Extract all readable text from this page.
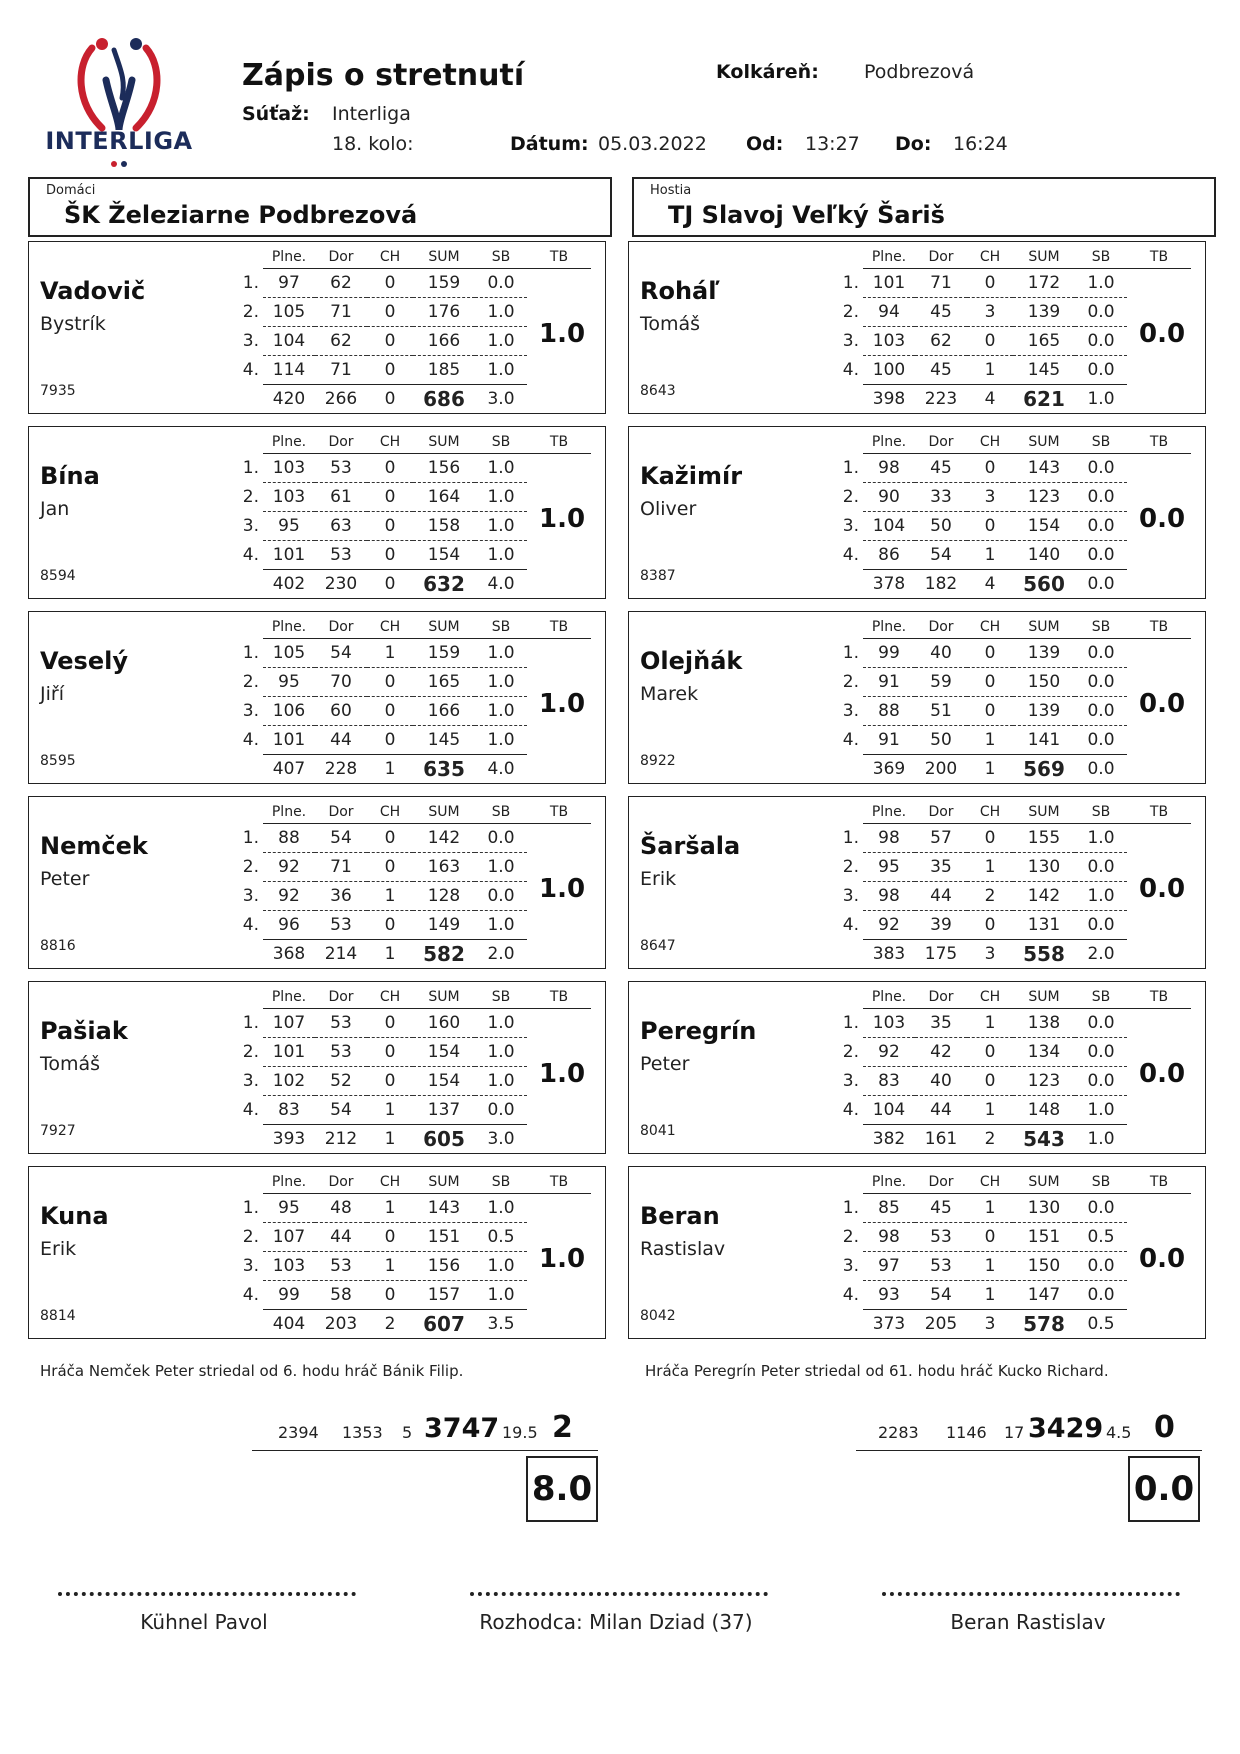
INTERLIGA
Zápis o stretnutí	Kolkáreň: Podbrezová
Súťaž: Interliga
18. kolo:	Dátum: 05.03.2022 Od: 13:27 Do: 16:24
Domáci
ŠK Železiarne Podbrezová
Hostia
TJ Slavoj Veľký Šariš
Vadovič
Bystrík
7935
1.0
	Plne.	Dor	CH	SUM	SB	TB
1.	97	62	0	159	0.0	
2.	105	71	0	176	1.0	
3.	104	62	0	166	1.0	
4.	114	71	0	185	1.0	
	420	266	0	686	3.0	
Bína
Jan
8594
1.0
	Plne.	Dor	CH	SUM	SB	TB
1.	103	53	0	156	1.0	
2.	103	61	0	164	1.0	
3.	95	63	0	158	1.0	
4.	101	53	0	154	1.0	
	402	230	0	632	4.0	
Veselý
Jiří
8595
1.0
	Plne.	Dor	CH	SUM	SB	TB
1.	105	54	1	159	1.0	
2.	95	70	0	165	1.0	
3.	106	60	0	166	1.0	
4.	101	44	0	145	1.0	
	407	228	1	635	4.0	
Nemček
Peter
8816
1.0
	Plne.	Dor	CH	SUM	SB	TB
1.	88	54	0	142	0.0	
2.	92	71	0	163	1.0	
3.	92	36	1	128	0.0	
4.	96	53	0	149	1.0	
	368	214	1	582	2.0	
Pašiak
Tomáš
7927
1.0
	Plne.	Dor	CH	SUM	SB	TB
1.	107	53	0	160	1.0	
2.	101	53	0	154	1.0	
3.	102	52	0	154	1.0	
4.	83	54	1	137	0.0	
	393	212	1	605	3.0	
Kuna
Erik
8814
1.0
	Plne.	Dor	CH	SUM	SB	TB
1.	95	48	1	143	1.0	
2.	107	44	0	151	0.5	
3.	103	53	1	156	1.0	
4.	99	58	0	157	1.0	
	404	203	2	607	3.5	
Roháľ
Tomáš
8643
0.0
	Plne.	Dor	CH	SUM	SB	TB
1.	101	71	0	172	1.0	
2.	94	45	3	139	0.0	
3.	103	62	0	165	0.0	
4.	100	45	1	145	0.0	
	398	223	4	621	1.0	
Kažimír
Oliver
8387
0.0
	Plne.	Dor	CH	SUM	SB	TB
1.	98	45	0	143	0.0	
2.	90	33	3	123	0.0	
3.	104	50	0	154	0.0	
4.	86	54	1	140	0.0	
	378	182	4	560	0.0	
Olejňák
Marek
8922
0.0
	Plne.	Dor	CH	SUM	SB	TB
1.	99	40	0	139	0.0	
2.	91	59	0	150	0.0	
3.	88	51	0	139	0.0	
4.	91	50	1	141	0.0	
	369	200	1	569	0.0	
Šaršala
Erik
8647
0.0
	Plne.	Dor	CH	SUM	SB	TB
1.	98	57	0	155	1.0	
2.	95	35	1	130	0.0	
3.	98	44	2	142	1.0	
4.	92	39	0	131	0.0	
	383	175	3	558	2.0	
Peregrín
Peter
8041
0.0
	Plne.	Dor	CH	SUM	SB	TB
1.	103	35	1	138	0.0	
2.	92	42	0	134	0.0	
3.	83	40	0	123	0.0	
4.	104	44	1	148	1.0	
	382	161	2	543	1.0	
Beran
Rastislav
8042
0.0
	Plne.	Dor	CH	SUM	SB	TB
1.	85	45	1	130	0.0	
2.	98	53	0	151	0.5	
3.	97	53	1	150	0.0	
4.	93	54	1	147	0.0	
	373	205	3	578	0.5	
Hráča Nemček Peter striedal od 6. hodu hráč Bánik Filip.	Hráča Peregrín Peter striedal od 61. hodu hráč Kucko Richard.
2394 1353 5 3747 19.5 2	2283 1146 17 3429 4.5 0
8.0	0.0
Kühnel Pavol	Rozhodca: Milan Dziad (37)	Beran Rastislav
